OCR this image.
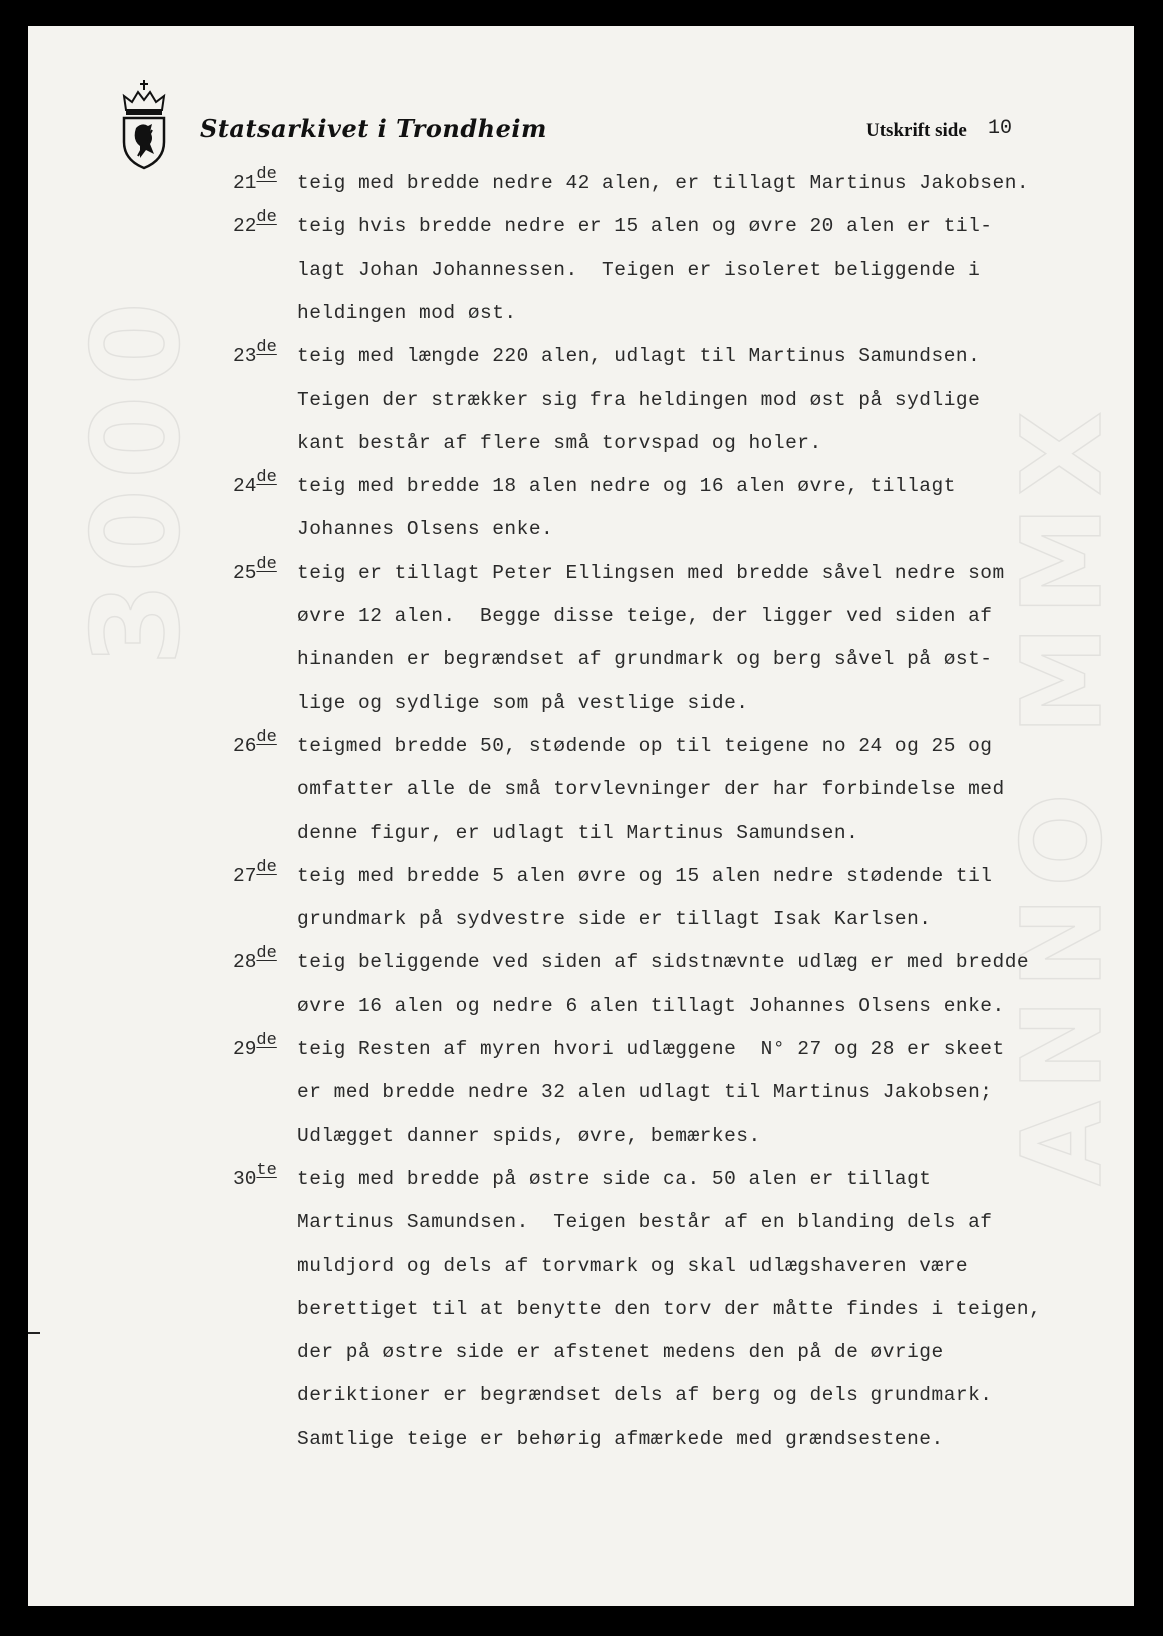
3000	ANNO MMX
Statsarkivet i Trondheim	Utskrift side 10
21de teig med bredde nedre 42 alen, er tillagt Martinus Jakobsen.
22de teig hvis bredde nedre er 15 alen og øvre 20 alen er til-
lagt Johan Johannessen.  Teigen er isoleret beliggende i
heldingen mod øst.
23de teig med længde 220 alen, udlagt til Martinus Samundsen.
Teigen der strækker sig fra heldingen mod øst på sydlige
kant består af flere små torvspad og holer.
24de teig med bredde 18 alen nedre og 16 alen øvre, tillagt
Johannes Olsens enke.
25de teig er tillagt Peter Ellingsen med bredde såvel nedre som
øvre 12 alen.  Begge disse teige, der ligger ved siden af
hinanden er begrændset af grundmark og berg såvel på øst-
lige og sydlige som på vestlige side.
26de teigmed bredde 50, stødende op til teigene no 24 og 25 og
omfatter alle de små torvlevninger der har forbindelse med
denne figur, er udlagt til Martinus Samundsen.
27de teig med bredde 5 alen øvre og 15 alen nedre stødende til
grundmark på sydvestre side er tillagt Isak Karlsen.
28de teig beliggende ved siden af sidstnævnte udlæg er med bredde
øvre 16 alen og nedre 6 alen tillagt Johannes Olsens enke.
29de teig Resten af myren hvori udlæggene  N° 27 og 28 er skeet
er med bredde nedre 32 alen udlagt til Martinus Jakobsen;
Udlægget danner spids, øvre, bemærkes.
30te teig med bredde på østre side ca. 50 alen er tillagt
Martinus Samundsen.  Teigen består af en blanding dels af
muldjord og dels af torvmark og skal udlægshaveren være
berettiget til at benytte den torv der måtte findes i teigen,
der på østre side er afstenet medens den på de øvrige
deriktioner er begrændset dels af berg og dels grundmark.
Samtlige teige er behørig afmærkede med grændsestene.
